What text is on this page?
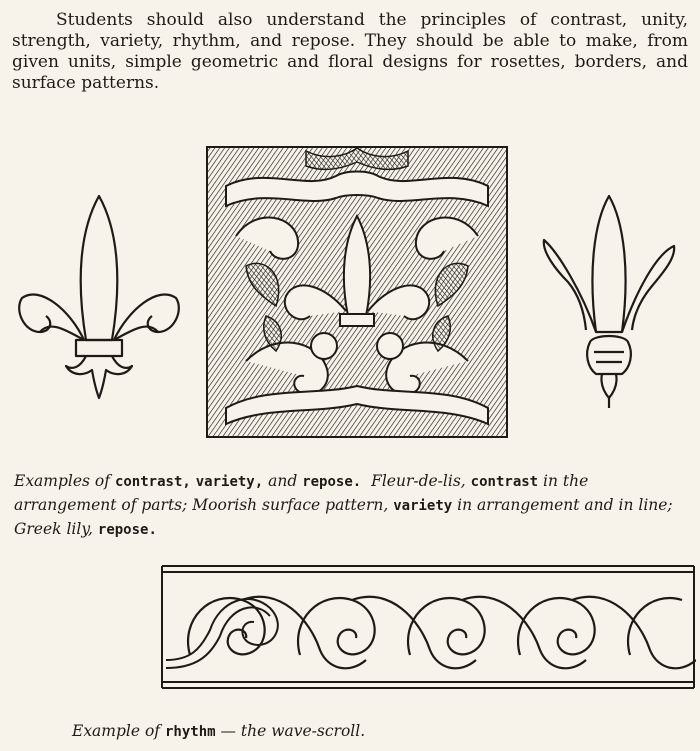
Students should also understand the principles of contrast, unity, strength, variety, rhythm, and repose. They should be able to make, from given units, simple geometric and floral designs for rosettes, borders, and surface patterns.

Examples of contrast, variety, and repose. Fleur-de-lis, contrast in the arrangement of parts; Moorish surface pattern, variety in arrangement and in line; Greek lily, repose.

Example of rhythm — the wave-scroll.
